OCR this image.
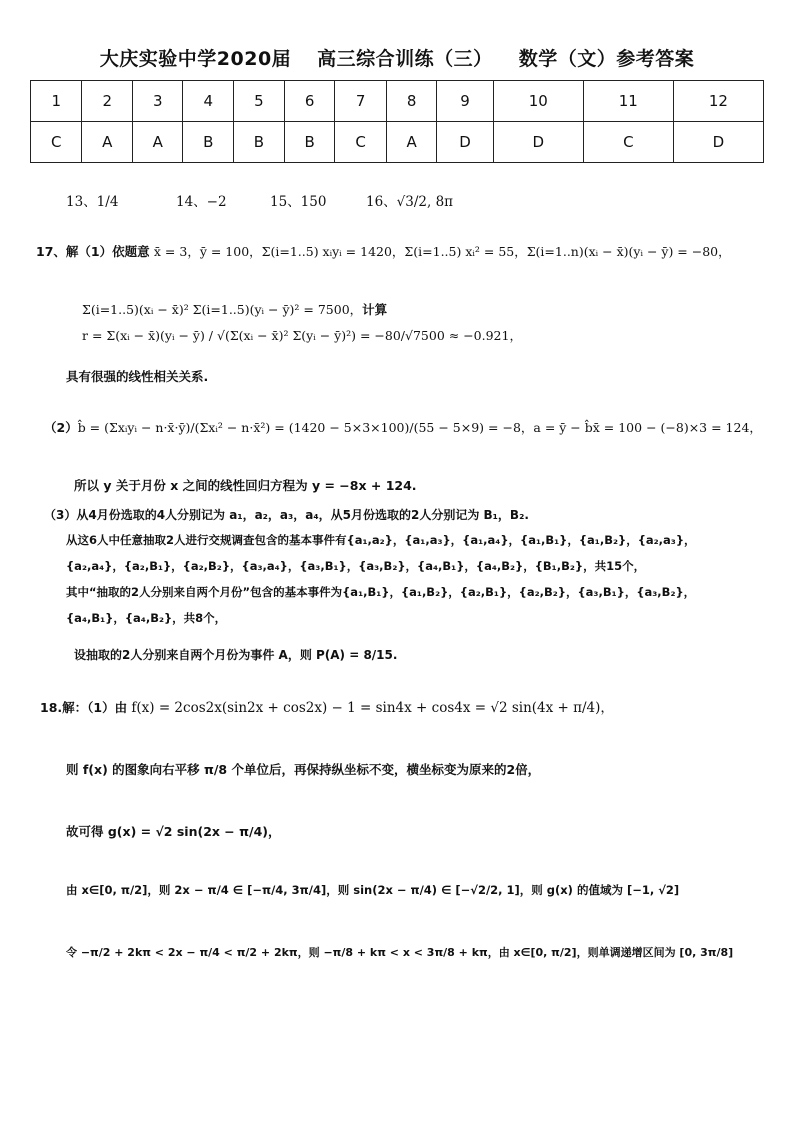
大庆实验中学2020届 高三综合训练（三） 数学（文）参考答案
1	2	3	4	5	6	7	8	9	10	11	12
C	A	A	B	B	B	C	A	D	D	C	D
13、1/4	14、−2	15、150	16、√3/2, 8π
17、解（1）依题意 x̄ = 3，ȳ = 100，Σ(i=1..5) xᵢyᵢ = 1420，Σ(i=1..5) xᵢ² = 55，Σ(i=1..n)(xᵢ − x̄)(yᵢ − ȳ) = −80，
Σ(i=1..5)(xᵢ − x̄)² Σ(i=1..5)(yᵢ − ȳ)² = 7500，计算
r = Σ(xᵢ − x̄)(yᵢ − ȳ) / √(Σ(xᵢ − x̄)² Σ(yᵢ − ȳ)²) = −80/√7500 ≈ −0.921，
具有很强的线性相关关系.
（2）b̂ = (Σxᵢyᵢ − n·x̄·ȳ)/(Σxᵢ² − n·x̄²) = (1420 − 5×3×100)/(55 − 5×9) = −8，a = ȳ − b̂x̄ = 100 − (−8)×3 = 124，
所以 y 关于月份 x 之间的线性回归方程为 y = −8x + 124.
（3）从4月份选取的4人分别记为 a₁，a₂，a₃，a₄，从5月份选取的2人分别记为 B₁，B₂.
从这6人中任意抽取2人进行交规调查包含的基本事件有{a₁,a₂}，{a₁,a₃}，{a₁,a₄}，{a₁,B₁}，{a₁,B₂}，{a₂,a₃}，
{a₂,a₄}，{a₂,B₁}，{a₂,B₂}，{a₃,a₄}，{a₃,B₁}，{a₃,B₂}，{a₄,B₁}，{a₄,B₂}，{B₁,B₂}，共15个，
其中“抽取的2人分别来自两个月份”包含的基本事件为{a₁,B₁}，{a₁,B₂}，{a₂,B₁}，{a₂,B₂}，{a₃,B₁}，{a₃,B₂}，
{a₄,B₁}，{a₄,B₂}，共8个，
设抽取的2人分别来自两个月份为事件 A，则 P(A) = 8/15.
18.解：（1）由 f(x) = 2cos2x(sin2x + cos2x) − 1 = sin4x + cos4x = √2 sin(4x + π/4)，
则 f(x) 的图象向右平移 π/8 个单位后，再保持纵坐标不变，横坐标变为原来的2倍，
故可得 g(x) = √2 sin(2x − π/4)，
由 x∈[0, π/2]，则 2x − π/4 ∈ [−π/4, 3π/4]，则 sin(2x − π/4) ∈ [−√2/2, 1]，则 g(x) 的值域为 [−1, √2]
令 −π/2 + 2kπ < 2x − π/4 < π/2 + 2kπ，则 −π/8 + kπ < x < 3π/8 + kπ，由 x∈[0, π/2]，则单调递增区间为 [0, 3π/8]
